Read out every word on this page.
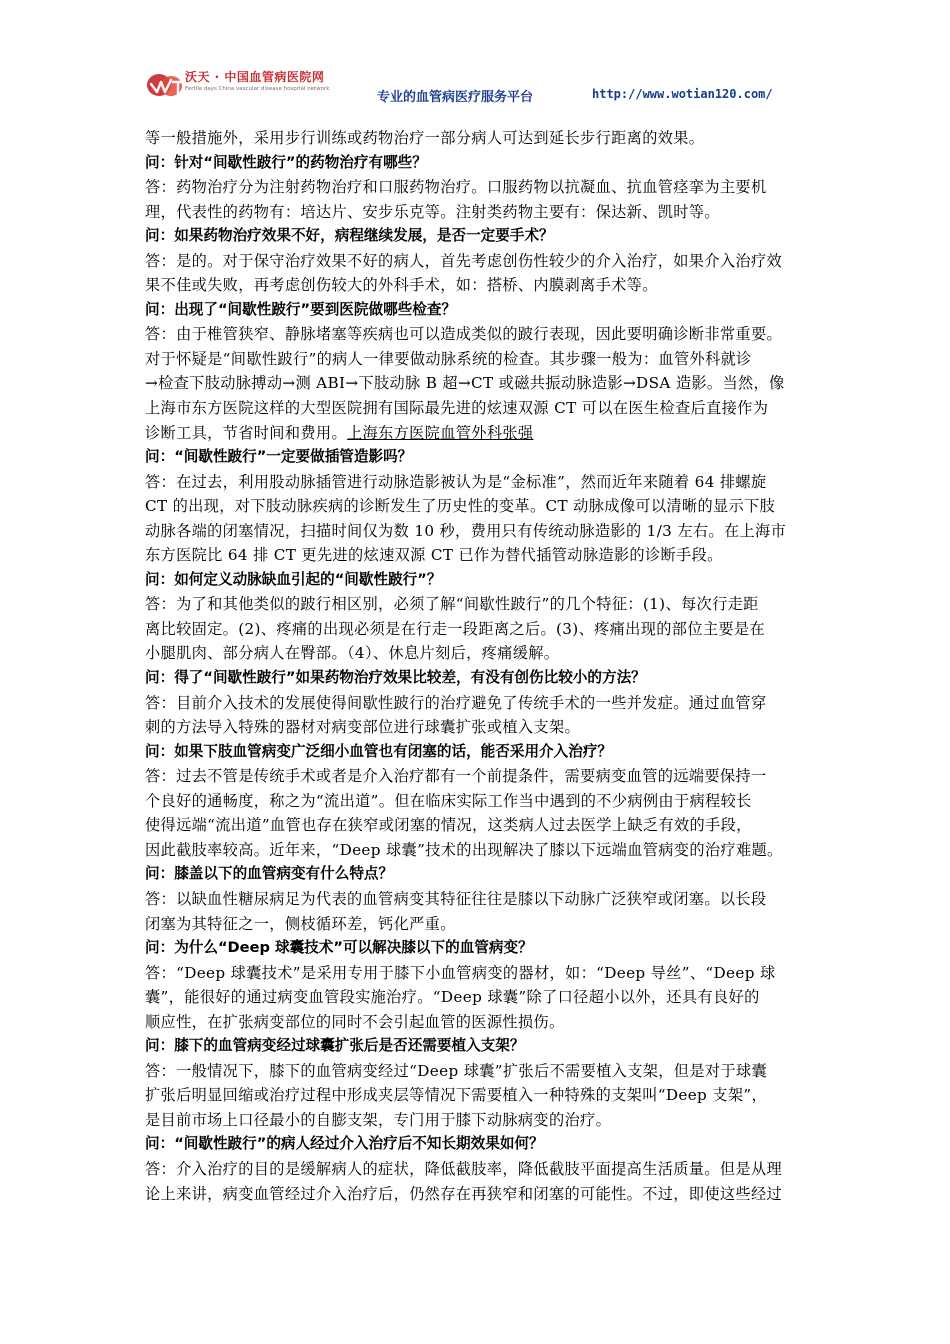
沃天 · 中国血管病医院网
Fertile days China vascular disease hospital network
专业的血管病医疗服务平台	http://www.wotian120.com/
等一般措施外，采用步行训练或药物治疗一部分病人可达到延长步行距离的效果。
问：针对“间歇性跛行”的药物治疗有哪些？
答：药物治疗分为注射药物治疗和口服药物治疗。口服药物以抗凝血、抗血管痉挛为主要机
理，代表性的药物有：培达片、安步乐克等。注射类药物主要有：保达新、凯时等。
问：如果药物治疗效果不好，病程继续发展，是否一定要手术？
答：是的。对于保守治疗效果不好的病人，首先考虑创伤性较少的介入治疗，如果介入治疗效
果不佳或失败，再考虑创伤较大的外科手术，如：搭桥、内膜剥离手术等。
问：出现了“间歇性跛行”要到医院做哪些检查？
答：由于椎管狭窄、静脉堵塞等疾病也可以造成类似的跛行表现，因此要明确诊断非常重要。
对于怀疑是“间歇性跛行”的病人一律要做动脉系统的检查。其步骤一般为：血管外科就诊
→检查下肢动脉搏动→测 ABI→下肢动脉 B 超→CT 或磁共振动脉造影→DSA 造影。当然，像
上海市东方医院这样的大型医院拥有国际最先进的炫速双源 CT 可以在医生检查后直接作为
诊断工具，节省时间和费用。上海东方医院血管外科张强
问：“间歇性跛行”一定要做插管造影吗？
答：在过去，利用股动脉插管进行动脉造影被认为是“金标准”，然而近年来随着 64 排螺旋
CT 的出现，对下肢动脉疾病的诊断发生了历史性的变革。CT 动脉成像可以清晰的显示下肢
动脉各端的闭塞情况，扫描时间仅为数 10 秒，费用只有传统动脉造影的 1/3 左右。在上海市
东方医院比 64 排 CT 更先进的炫速双源 CT 已作为替代插管动脉造影的诊断手段。
问：如何定义动脉缺血引起的“间歇性跛行”？
答：为了和其他类似的跛行相区别，必须了解“间歇性跛行”的几个特征：(1)、每次行走距
离比较固定。(2)、疼痛的出现必须是在行走一段距离之后。(3)、疼痛出现的部位主要是在
小腿肌肉、部分病人在臀部。（4）、休息片刻后，疼痛缓解。
问：得了“间歇性跛行”如果药物治疗效果比较差，有没有创伤比较小的方法？
答：目前介入技术的发展使得间歇性跛行的治疗避免了传统手术的一些并发症。通过血管穿
刺的方法导入特殊的器材对病变部位进行球囊扩张或植入支架。
问：如果下肢血管病变广泛细小血管也有闭塞的话，能否采用介入治疗？
答：过去不管是传统手术或者是介入治疗都有一个前提条件，需要病变血管的远端要保持一
个良好的通畅度，称之为“流出道”。但在临床实际工作当中遇到的不少病例由于病程较长
使得远端“流出道”血管也存在狭窄或闭塞的情况，这类病人过去医学上缺乏有效的手段，
因此截肢率较高。近年来，“Deep 球囊”技术的出现解决了膝以下远端血管病变的治疗难题。
问：膝盖以下的血管病变有什么特点？
答：以缺血性糖尿病足为代表的血管病变其特征往往是膝以下动脉广泛狭窄或闭塞。以长段
闭塞为其特征之一，侧枝循环差，钙化严重。
问：为什么“Deep 球囊技术”可以解决膝以下的血管病变？
答：“Deep 球囊技术”是采用专用于膝下小血管病变的器材，如：“Deep 导丝”、“Deep 球
囊”，能很好的通过病变血管段实施治疗。“Deep 球囊”除了口径超小以外，还具有良好的
顺应性，在扩张病变部位的同时不会引起血管的医源性损伤。
问：膝下的血管病变经过球囊扩张后是否还需要植入支架？
答：一般情况下，膝下的血管病变经过“Deep 球囊”扩张后不需要植入支架，但是对于球囊
扩张后明显回缩或治疗过程中形成夹层等情况下需要植入一种特殊的支架叫“Deep 支架”，
是目前市场上口径最小的自膨支架，专门用于膝下动脉病变的治疗。
问：“间歇性跛行”的病人经过介入治疗后不知长期效果如何？
答：介入治疗的目的是缓解病人的症状，降低截肢率，降低截肢平面提高生活质量。但是从理
论上来讲，病变血管经过介入治疗后，仍然存在再狭窄和闭塞的可能性。不过，即使这些经过
